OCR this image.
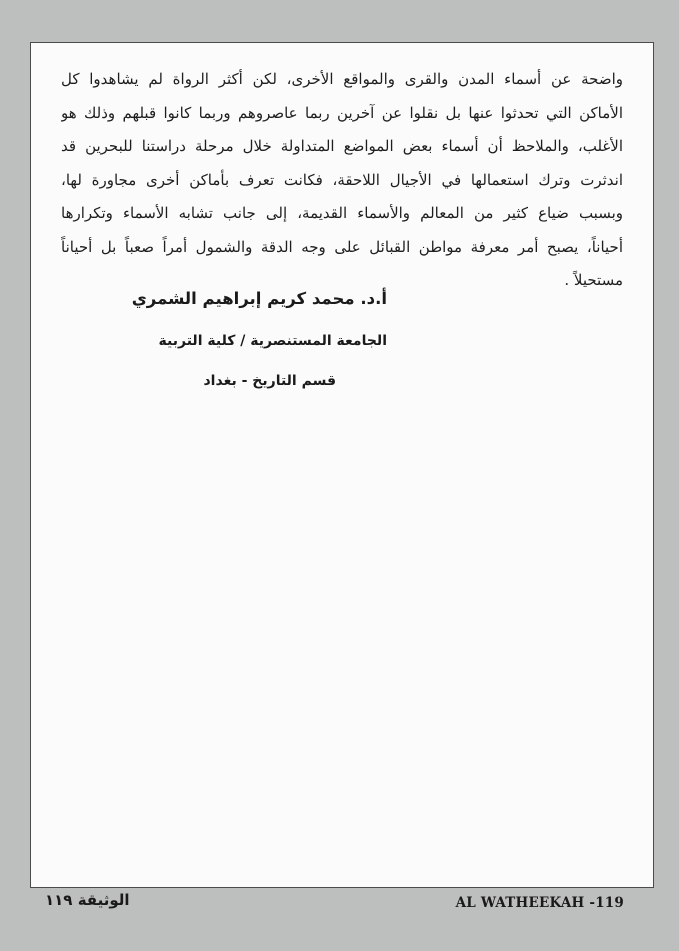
واضحة عن أسماء المدن والقرى والمواقع الأخرى، لكن أكثر الرواة لم يشاهدوا كل
الأماكن التي تحدثوا عنها بل نقلوا عن آخرين ربما عاصروهم وربما كانوا قبلهم وذلك هو
الأغلب، والملاحظ أن أسماء بعض المواضع المتداولة خلال مرحلة دراستنا للبحرين قد
اندثرت وترك استعمالها في الأجيال اللاحقة، فكانت تعرف بأماكن أخرى مجاورة لها،
وبسبب ضياع كثير من المعالم والأسماء القديمة، إلى جانب تشابه الأسماء وتكرارها
أحياناً، يصبح أمر معرفة مواطن القبائل على وجه الدقة والشمول أمراً صعباً بل أحياناً
مستحيلاً .
أ.د. محمد كريم إبراهيم الشمري
الجامعة المستنصرية / كلية التربية
قسم التاريخ - بغداد
الوثيقة ١١٩	AL WATHEEKAH -119
